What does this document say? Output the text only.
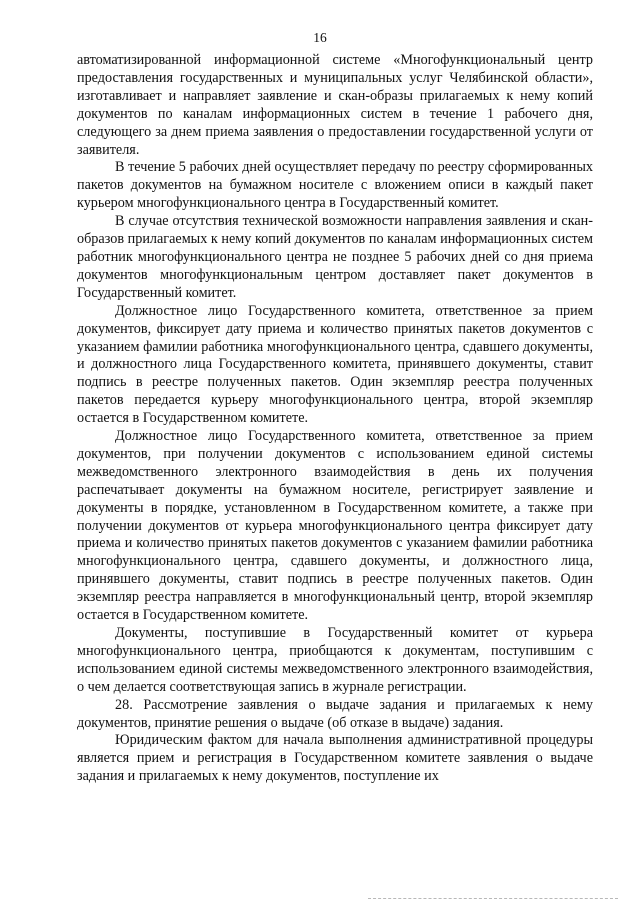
16

автоматизированной информационной системе «Многофункциональный центр предоставления государственных и муниципальных услуг Челябинской области», изготавливает и направляет заявление и скан-образы прилагаемых к нему копий документов по каналам информационных систем в течение 1 рабочего дня, следующего за днем приема заявления о предоставлении государственной услуги от заявителя.

В течение 5 рабочих дней осуществляет передачу по реестру сформированных пакетов документов на бумажном носителе с вложением описи в каждый пакет курьером многофункционального центра в Государственный комитет.

В случае отсутствия технической возможности направления заявления и скан-образов прилагаемых к нему копий документов по каналам информационных систем работник многофункционального центра не позднее 5 рабочих дней со дня приема документов многофункциональным центром доставляет пакет документов в Государственный комитет.

Должностное лицо Государственного комитета, ответственное за прием документов, фиксирует дату приема и количество принятых пакетов документов с указанием фамилии работника многофункционального центра, сдавшего документы, и должностного лица Государственного комитета, принявшего документы, ставит подпись в реестре полученных пакетов. Один экземпляр реестра полученных пакетов передается курьеру многофункционального центра, второй экземпляр остается в Государственном комитете.

Должностное лицо Государственного комитета, ответственное за прием документов, при получении документов с использованием единой системы межведомственного электронного взаимодействия в день их получения распечатывает документы на бумажном носителе, регистрирует заявление и документы в порядке, установленном в Государственном комитете, а также при получении документов от курьера многофункционального центра фиксирует дату приема и количество принятых пакетов документов с указанием фамилии работника многофункционального центра, сдавшего документы, и должностного лица, принявшего документы, ставит подпись в реестре полученных пакетов. Один экземпляр реестра направляется в многофункциональный центр, второй экземпляр остается в Государственном комитете.

Документы, поступившие в Государственный комитет от курьера многофункционального центра, приобщаются к документам, поступившим с использованием единой системы межведомственного электронного взаимодействия, о чем делается соответствующая запись в журнале регистрации.

28. Рассмотрение заявления о выдаче задания и прилагаемых к нему документов, принятие решения о выдаче (об отказе в выдаче) задания.

Юридическим фактом для начала выполнения административной процедуры является прием и регистрация в Государственном комитете заявления о выдаче задания и прилагаемых к нему документов, поступление их
